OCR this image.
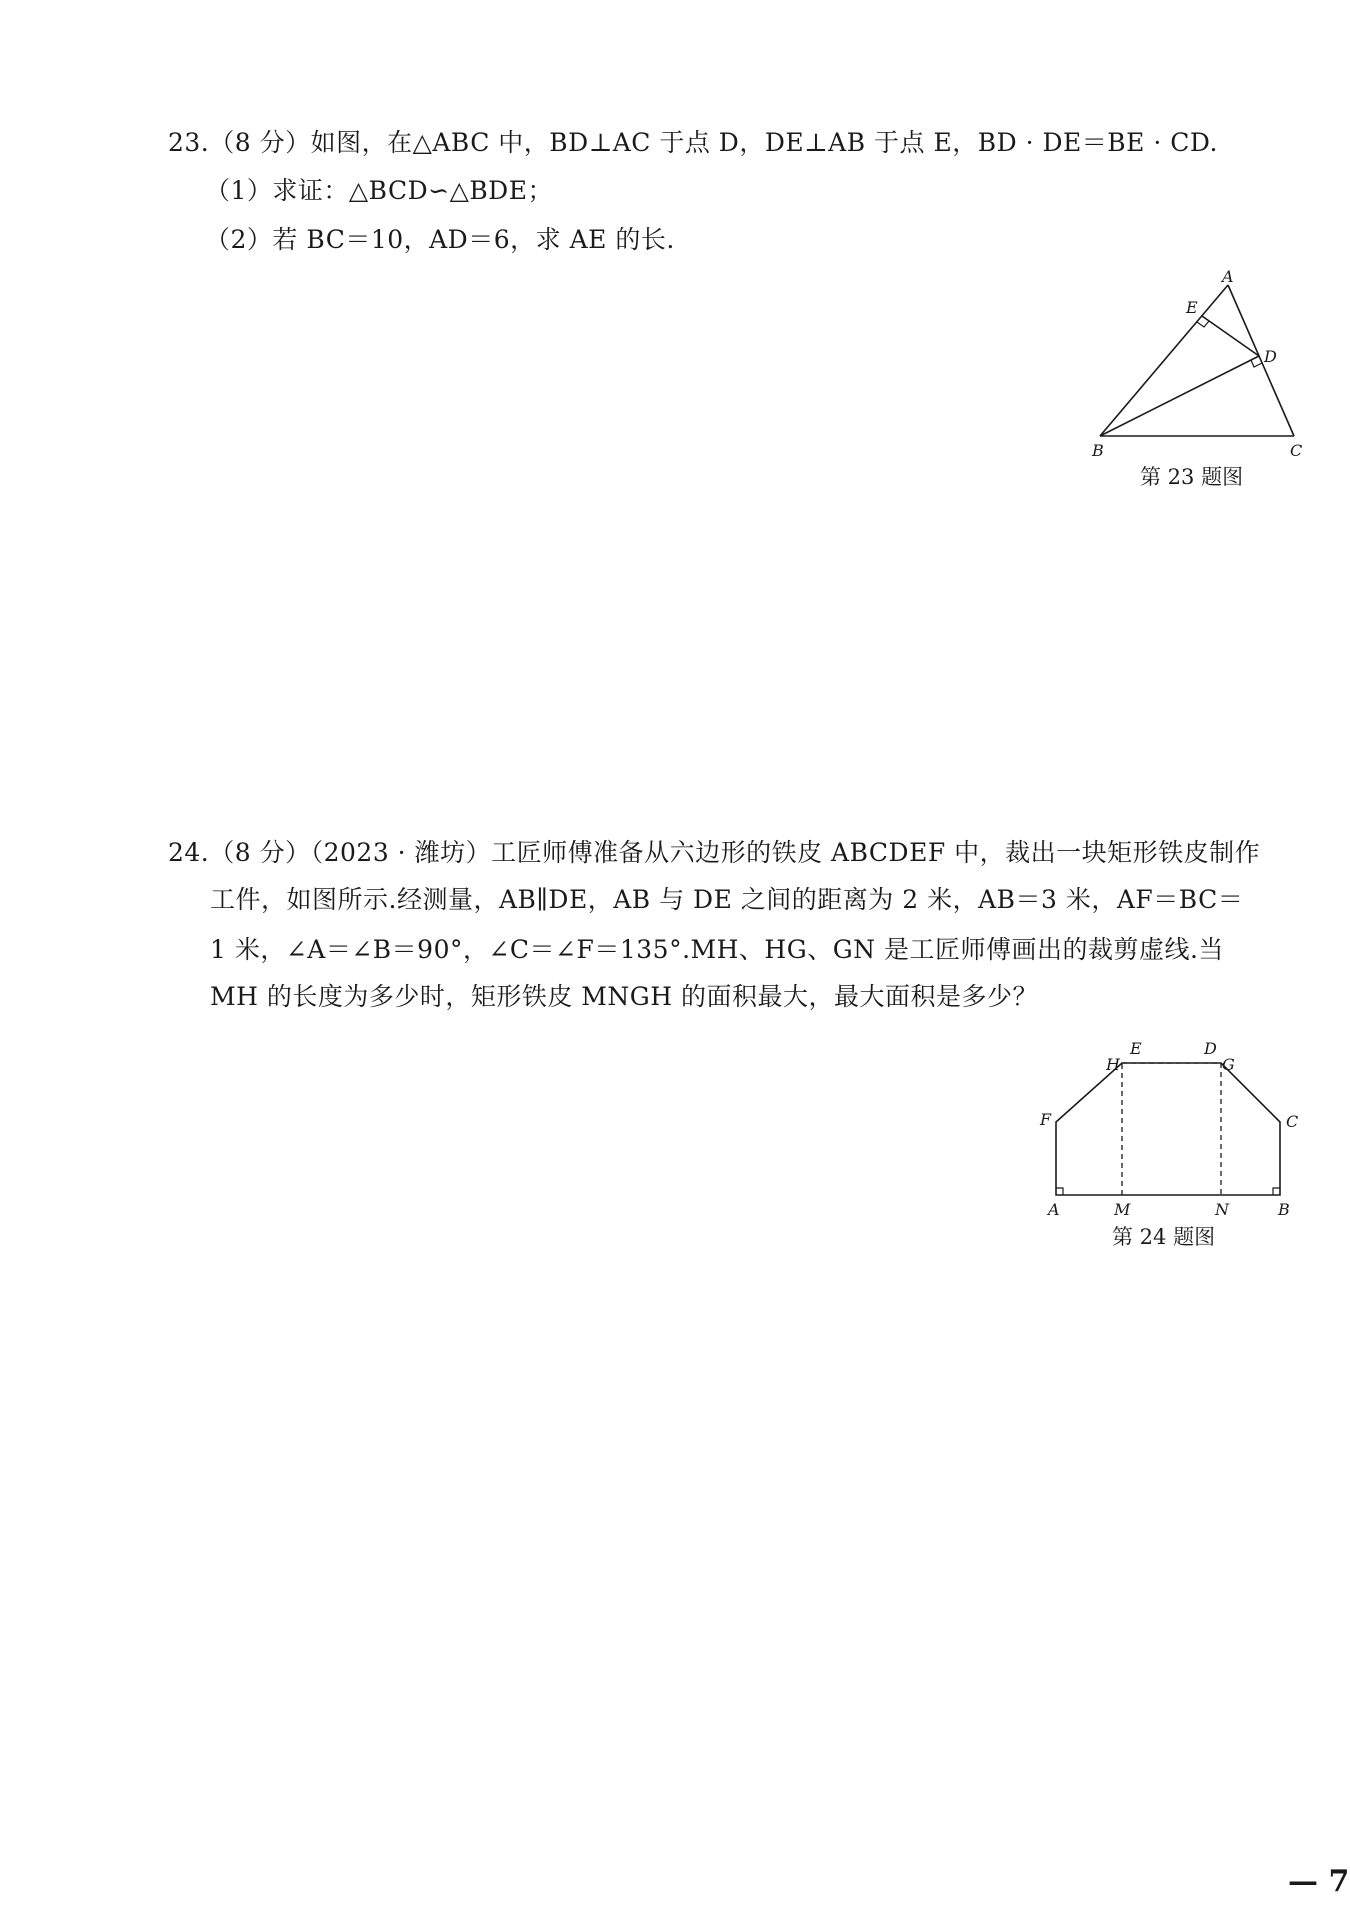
23.（8 分）如图，在△ABC 中，BD⊥AC 于点 D，DE⊥AB 于点 E，BD · DE＝BE · CD.
（1）求证：△BCD∽△BDE；
（2）若 BC＝10，AD＝6，求 AE 的长.
A
E
D
B	C
第 23 题图
24.（8 分）（2023 · 潍坊）工匠师傅准备从六边形的铁皮 ABCDEF 中，裁出一块矩形铁皮制作
工件，如图所示.经测量，AB∥DE，AB 与 DE 之间的距离为 2 米，AB＝3 米，AF＝BC＝
1 米，∠A＝∠B＝90°，∠C＝∠F＝135°.MH、HG、GN 是工匠师傅画出的裁剪虚线.当
MH 的长度为多少时，矩形铁皮 MNGH 的面积最大，最大面积是多少？
E	D
H	G
F	C
A	M	N	B
第 24 题图
— 7
